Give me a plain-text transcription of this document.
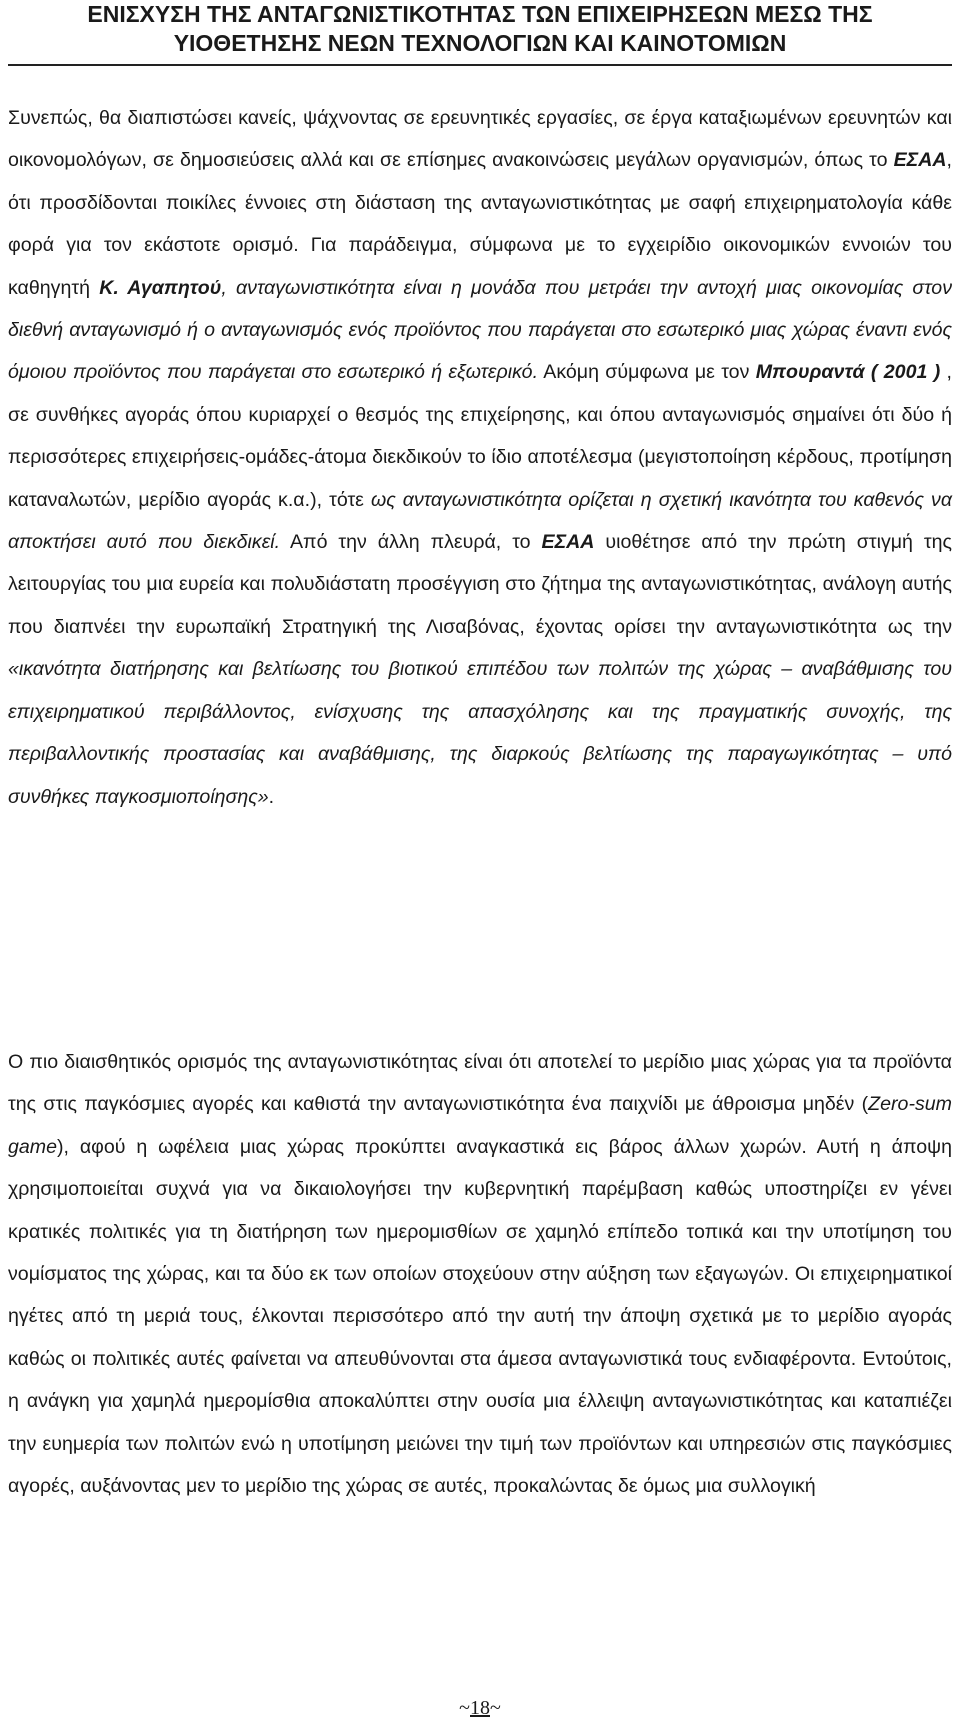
ΕΝΙΣΧΥΣΗ ΤΗΣ ΑΝΤΑΓΩΝΙΣΤΙΚΟΤΗΤΑΣ ΤΩΝ ΕΠΙΧΕΙΡΗΣΕΩΝ ΜΕΣΩ ΤΗΣ
ΥΙΟΘΕΤΗΣΗΣ ΝΕΩΝ ΤΕΧΝΟΛΟΓΙΩΝ ΚΑΙ ΚΑΙΝΟΤΟΜΙΩΝ

Συνεπώς, θα διαπιστώσει κανείς, ψάχνοντας σε ερευνητικές εργασίες, σε έργα καταξιωμένων ερευνητών και οικονομολόγων, σε δημοσιεύσεις αλλά και σε επίσημες ανακοινώσεις μεγάλων οργανισμών, όπως το ΕΣΑΑ, ότι προσδίδονται ποικίλες έννοιες στη διάσταση της ανταγωνιστικότητας με σαφή επιχειρηματολογία κάθε φορά για τον εκάστοτε ορισμό. Για παράδειγμα, σύμφωνα με το εγχειρίδιο οικονομικών εννοιών του καθηγητή Κ. Αγαπητού, ανταγωνιστικότητα είναι η μονάδα που μετράει την αντοχή μιας οικονομίας στον διεθνή ανταγωνισμό ή ο ανταγωνισμός ενός προϊόντος που παράγεται στο εσωτερικό μιας χώρας έναντι ενός όμοιου προϊόντος που παράγεται στο εσωτερικό ή εξωτερικό. Ακόμη σύμφωνα με τον Μπουραντά ( 2001 ) , σε συνθήκες αγοράς όπου κυριαρχεί ο θεσμός της επιχείρησης, και όπου ανταγωνισμός σημαίνει ότι δύο ή περισσότερες επιχειρήσεις-ομάδες-άτομα διεκδικούν το ίδιο αποτέλεσμα (μεγιστοποίηση κέρδους, προτίμηση καταναλωτών, μερίδιο αγοράς κ.α.), τότε ως ανταγωνιστικότητα ορίζεται η σχετική ικανότητα του καθενός να αποκτήσει αυτό που διεκδικεί. Από την άλλη πλευρά, το ΕΣΑΑ υιοθέτησε από την πρώτη στιγμή της λειτουργίας του μια ευρεία και πολυδιάστατη προσέγγιση στο ζήτημα της ανταγωνιστικότητας, ανάλογη αυτής που διαπνέει την ευρωπαϊκή Στρατηγική της Λισαβόνας, έχοντας ορίσει την ανταγωνιστικότητα ως την «ικανότητα διατήρησης και βελτίωσης του βιοτικού επιπέδου των πολιτών της χώρας – αναβάθμισης του επιχειρηματικού περιβάλλοντος, ενίσχυσης της απασχόλησης και της πραγματικής συνοχής, της περιβαλλοντικής προστασίας και αναβάθμισης, της διαρκούς βελτίωσης της παραγωγικότητας – υπό συνθήκες παγκοσμιοποίησης».

Ο πιο διαισθητικός ορισμός της ανταγωνιστικότητας είναι ότι αποτελεί το μερίδιο μιας χώρας για τα προϊόντα της στις παγκόσμιες αγορές και καθιστά την ανταγωνιστικότητα ένα παιχνίδι με άθροισμα μηδέν (Zero-sum game), αφού η ωφέλεια μιας χώρας προκύπτει αναγκαστικά εις βάρος άλλων χωρών. Αυτή η άποψη χρησιμοποιείται συχνά για να δικαιολογήσει την κυβερνητική παρέμβαση καθώς υποστηρίζει εν γένει κρατικές πολιτικές για τη διατήρηση των ημερομισθίων σε χαμηλό επίπεδο τοπικά και την υποτίμηση του νομίσματος της χώρας, και τα δύο εκ των οποίων στοχεύουν στην αύξηση των εξαγωγών. Οι επιχειρηματικοί ηγέτες από τη μεριά τους, έλκονται περισσότερο από την αυτή την άποψη σχετικά με το μερίδιο αγοράς καθώς οι πολιτικές αυτές φαίνεται να απευθύνονται στα άμεσα ανταγωνιστικά τους ενδιαφέροντα. Εντούτοις, η ανάγκη για χαμηλά ημερομίσθια αποκαλύπτει στην ουσία μια έλλειψη ανταγωνιστικότητας και καταπιέζει την ευημερία των πολιτών ενώ η υποτίμηση μειώνει την τιμή των προϊόντων και υπηρεσιών στις παγκόσμιες αγορές, αυξάνοντας μεν το μερίδιο της χώρας σε αυτές, προκαλώντας δε όμως μια συλλογική

~18~
